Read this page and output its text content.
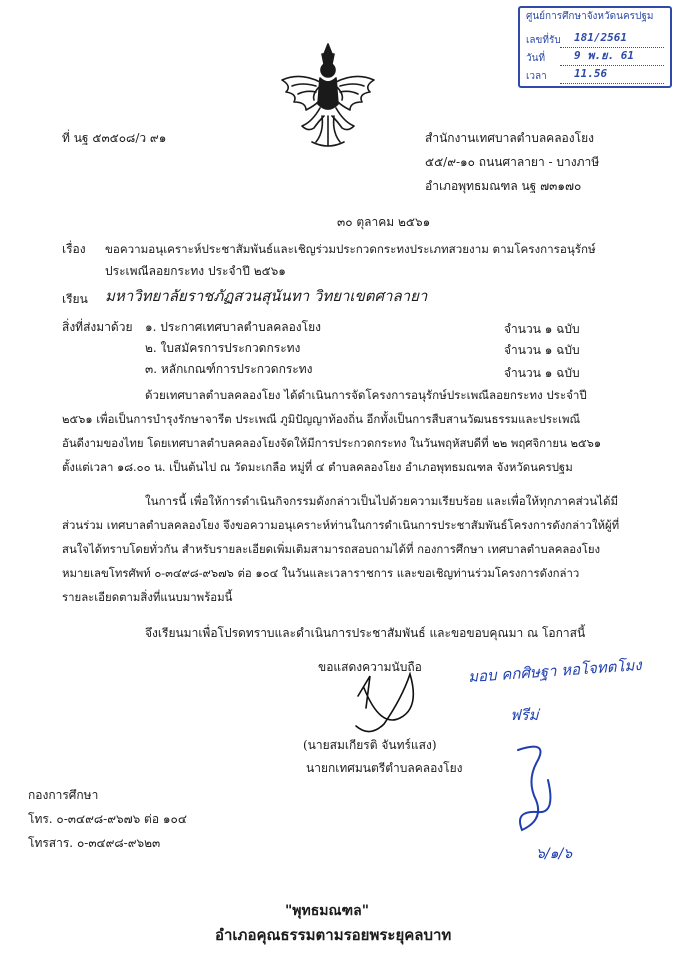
ศูนย์การศึกษาจังหวัดนครปฐม
เลขที่รับ 181/2561
วันที่	9 พ.ย. 61
เวลา 11.56
ที่ นฐ ๕๓๕๐๘/ว ๙๑	สำนักงานเทศบาลตำบลคลองโยง
๕๕/๙-๑๐ ถนนศาลายา - บางภาษี
อำเภอพุทธมณฑล นฐ ๗๓๑๗๐
๓๐ ตุลาคม ๒๕๖๑
เรื่อง ขอความอนุเคราะห์ประชาสัมพันธ์และเชิญร่วมประกวดกระทงประเภทสวยงาม ตามโครงการอนุรักษ์
ประเพณีลอยกระทง ประจำปี ๒๕๖๑
เรียน มหาวิทยาลัยราชภัฏสวนสุนันทา วิทยาเขตศาลายา
สิ่งที่ส่งมาด้วย ๑. ประกาศเทศบาลตำบลคลองโยง	จำนวน ๑ ฉบับ
๒. ใบสมัครการประกวดกระทง	จำนวน ๑ ฉบับ
๓. หลักเกณฑ์การประกวดกระทง	จำนวน ๑ ฉบับ
ด้วยเทศบาลตำบลคลองโยง ได้ดำเนินการจัดโครงการอนุรักษ์ประเพณีลอยกระทง ประจำปี
๒๕๖๑ เพื่อเป็นการบำรุงรักษาจารีต ประเพณี ภูมิปัญญาท้องถิ่น อีกทั้งเป็นการสืบสานวัฒนธรรมและประเพณี
อันดีงามของไทย โดยเทศบาลตำบลคลองโยงจัดให้มีการประกวดกระทง ในวันพฤหัสบดีที่ ๒๒ พฤศจิกายน ๒๕๖๑
ตั้งแต่เวลา ๑๘.๐๐ น. เป็นต้นไป ณ วัดมะเกลือ หมู่ที่ ๔ ตำบลคลองโยง อำเภอพุทธมณฑล จังหวัดนครปฐม
ในการนี้ เพื่อให้การดำเนินกิจกรรมดังกล่าวเป็นไปด้วยความเรียบร้อย และเพื่อให้ทุกภาคส่วนได้มี
ส่วนร่วม เทศบาลตำบลคลองโยง จึงขอความอนุเคราะห์ท่านในการดำเนินการประชาสัมพันธ์โครงการดังกล่าวให้ผู้ที่
สนใจได้ทราบโดยทั่วกัน สำหรับรายละเอียดเพิ่มเติมสามารถสอบถามได้ที่ กองการศึกษา เทศบาลตำบลคลองโยง
หมายเลขโทรศัพท์ ๐-๓๔๙๘-๙๖๗๖ ต่อ ๑๐๔ ในวันและเวลาราชการ และขอเชิญท่านร่วมโครงการดังกล่าว
รายละเอียดตามสิ่งที่แนบมาพร้อมนี้
จึงเรียนมาเพื่อโปรดทราบและดำเนินการประชาสัมพันธ์ และขอขอบคุณมา ณ โอกาสนี้
ขอแสดงความนับถือ
(นายสมเกียรติ จันทร์แสง)
นายกเทศมนตรีตำบลคลองโยง
กองการศึกษา
โทร. ๐-๓๔๙๘-๙๖๗๖ ต่อ ๑๐๔
โทรสาร. ๐-๓๔๙๘-๙๖๒๓
มอบ คกศิษฐา หอโจทตโมง
ฟรีม่
๖/๑/๖
"พุทธมณฑล"
อำเภอคุณธรรมตามรอยพระยุคลบาท
